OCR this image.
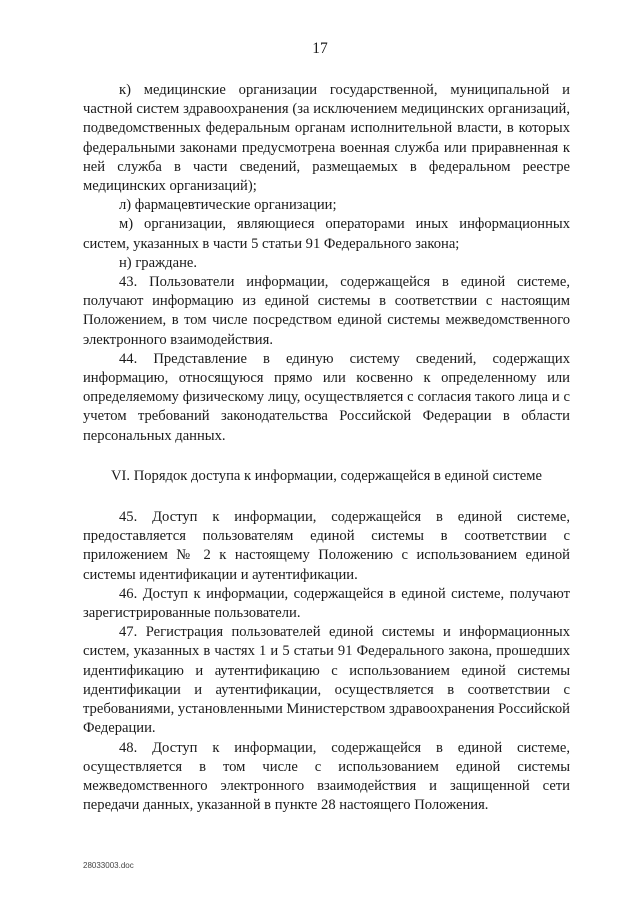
17

к) медицинские организации государственной, муниципальной и частной систем здравоохранения (за исключением медицинских организаций, подведомственных федеральным органам исполнительной власти, в которых федеральными законами предусмотрена военная служба или приравненная к ней служба в части сведений, размещаемых в федеральном реестре медицинских организаций);

л) фармацевтические организации;

м) организации, являющиеся операторами иных информационных систем, указанных в части 5 статьи 91 Федерального закона;

н) граждане.

43. Пользователи информации, содержащейся в единой системе, получают информацию из единой системы в соответствии с настоящим Положением, в том числе посредством единой системы межведомственного электронного взаимодействия.

44. Представление в единую систему сведений, содержащих информацию, относящуюся прямо или косвенно к определенному или определяемому физическому лицу, осуществляется с согласия такого лица и с учетом требований законодательства Российской Федерации в области персональных данных.

VI. Порядок доступа к информации, содержащейся в единой системе

45. Доступ к информации, содержащейся в единой системе, предоставляется пользователям единой системы в соответствии с приложением № 2 к настоящему Положению с использованием единой системы идентификации и аутентификации.

46. Доступ к информации, содержащейся в единой системе, получают зарегистрированные пользователи.

47. Регистрация пользователей единой системы и информационных систем, указанных в частях 1 и 5 статьи 91 Федерального закона, прошедших идентификацию и аутентификацию с использованием единой системы идентификации и аутентификации, осуществляется в соответствии с требованиями, установленными Министерством здравоохранения Российской Федерации.

48. Доступ к информации, содержащейся в единой системе, осуществляется в том числе с использованием единой системы межведомственного электронного взаимодействия и защищенной сети передачи данных, указанной в пункте 28 настоящего Положения.

28033003.doc
